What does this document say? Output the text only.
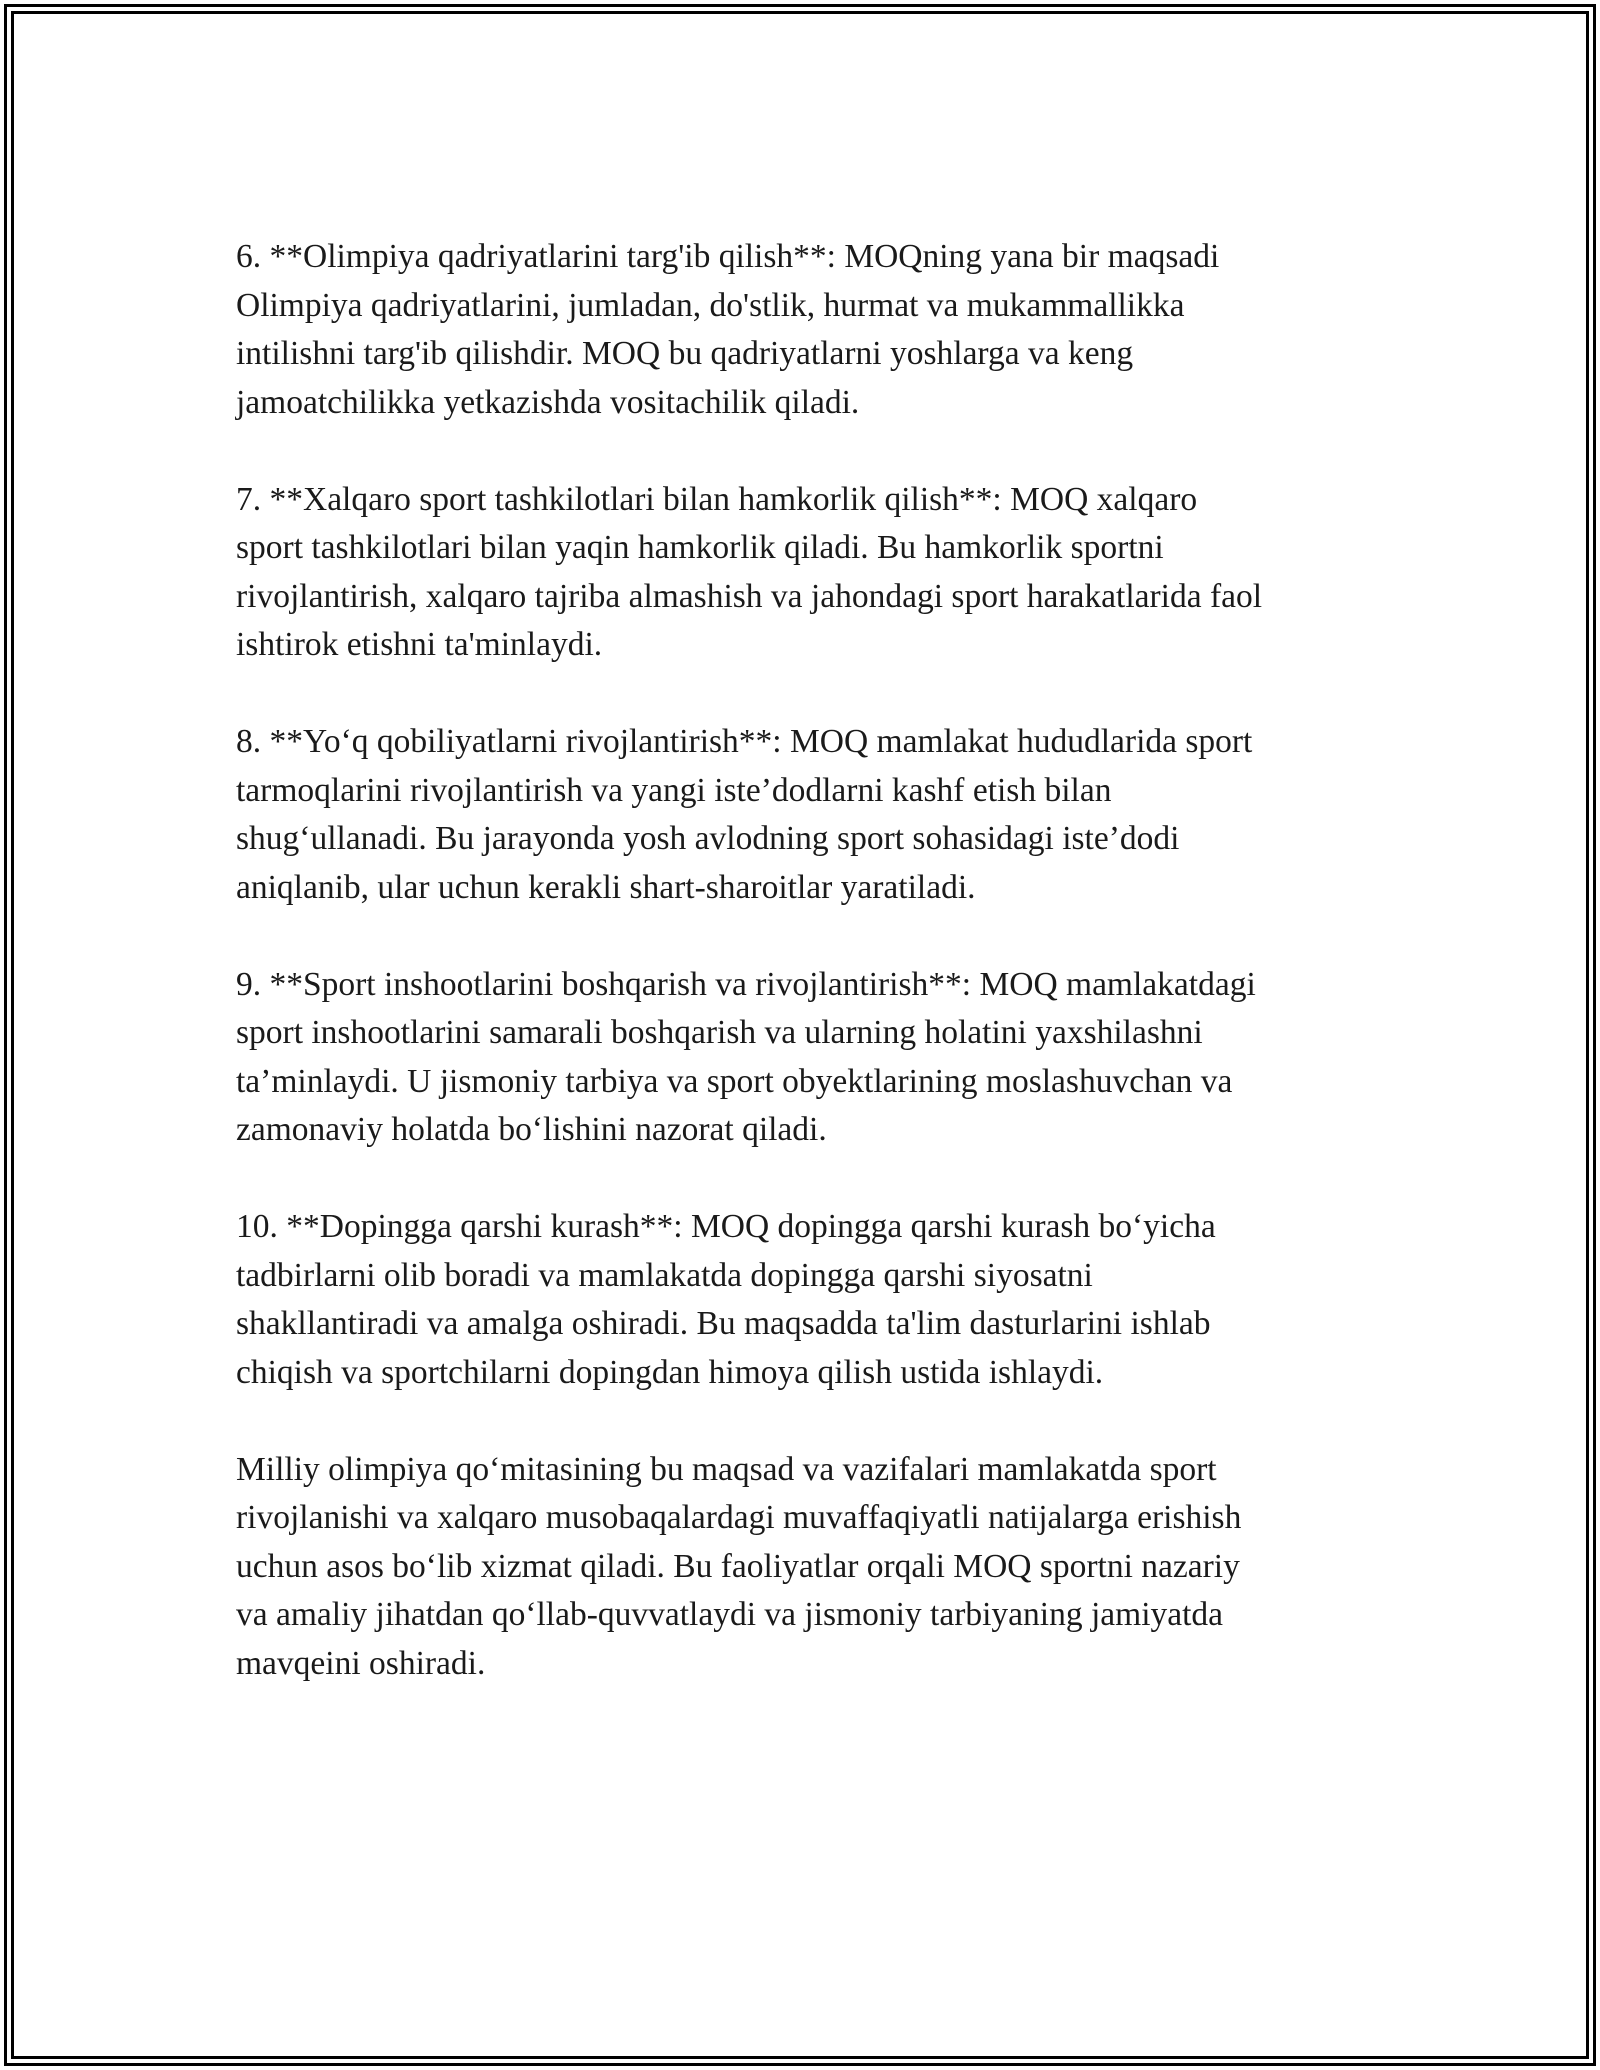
6. **Olimpiya qadriyatlarini targ'ib qilish**: MOQning yana bir maqsadi
Olimpiya qadriyatlarini, jumladan, do'stlik, hurmat va mukammallikka
intilishni targ'ib qilishdir. MOQ bu qadriyatlarni yoshlarga va keng
jamoatchilikka yetkazishda vositachilik qiladi.

7. **Xalqaro sport tashkilotlari bilan hamkorlik qilish**: MOQ xalqaro
sport tashkilotlari bilan yaqin hamkorlik qiladi. Bu hamkorlik sportni
rivojlantirish, xalqaro tajriba almashish va jahondagi sport harakatlarida faol
ishtirok etishni ta'minlaydi.

8. **Yo‘q qobiliyatlarni rivojlantirish**: MOQ mamlakat hududlarida sport
tarmoqlarini rivojlantirish va yangi iste’dodlarni kashf etish bilan
shug‘ullanadi. Bu jarayonda yosh avlodning sport sohasidagi iste’dodi
aniqlanib, ular uchun kerakli shart-sharoitlar yaratiladi.

9. **Sport inshootlarini boshqarish va rivojlantirish**: MOQ mamlakatdagi
sport inshootlarini samarali boshqarish va ularning holatini yaxshilashni
ta’minlaydi. U jismoniy tarbiya va sport obyektlarining moslashuvchan va
zamonaviy holatda bo‘lishini nazorat qiladi.

10. **Dopingga qarshi kurash**: MOQ dopingga qarshi kurash bo‘yicha
tadbirlarni olib boradi va mamlakatda dopingga qarshi siyosatni
shakllantiradi va amalga oshiradi. Bu maqsadda ta'lim dasturlarini ishlab
chiqish va sportchilarni dopingdan himoya qilish ustida ishlaydi.

Milliy olimpiya qo‘mitasining bu maqsad va vazifalari mamlakatda sport
rivojlanishi va xalqaro musobaqalardagi muvaffaqiyatli natijalarga erishish
uchun asos bo‘lib xizmat qiladi. Bu faoliyatlar orqali MOQ sportni nazariy
va amaliy jihatdan qo‘llab-quvvatlaydi va jismoniy tarbiyaning jamiyatda
mavqeini oshiradi.
